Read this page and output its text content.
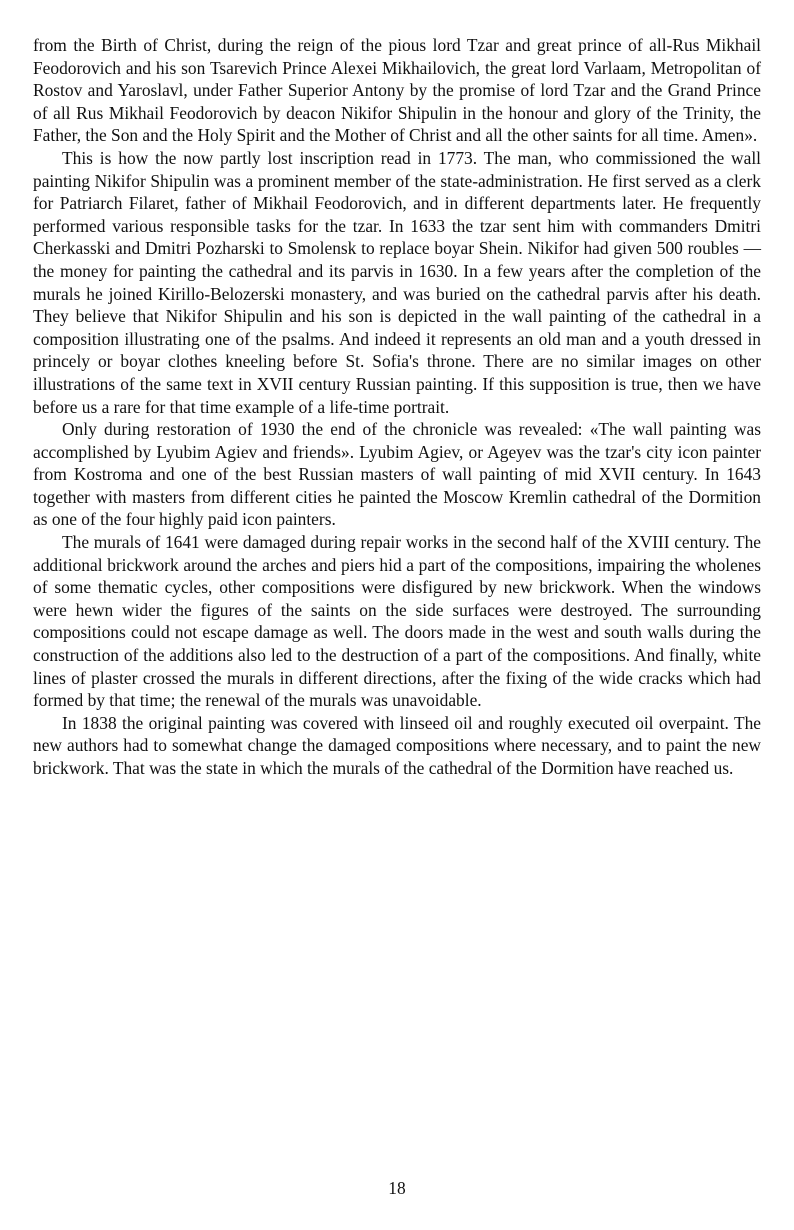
from the Birth of Christ, during the reign of the pious lord Tzar and great prince of all-Rus Mikhail Feodorovich and his son Tsarevich Prince Alexei Mikhailovich, the great lord Varlaam, Metropolitan of Rostov and Yaroslavl, under Father Superior Antony by the promise of lord Tzar and the Grand Prince of all Rus Mikhail Feodorovich by deacon Nikifor Shipulin in the honour and glory of the Trinity, the Father, the Son and the Holy Spirit and the Mother of Christ and all the other saints for all time. Amen».

This is how the now partly lost inscription read in 1773. The man, who commissioned the wall painting Nikifor Shipulin was a prominent member of the state-administration. He first served as a clerk for Patriarch Filaret, father of Mikhail Feodorovich, and in different departments later. He frequently performed various responsible tasks for the tzar. In 1633 the tzar sent him with commanders Dmitri Cherkasski and Dmitri Pozharski to Smolensk to replace boyar Shein. Nikifor had given 500 roubles — the money for painting the cathedral and its parvis in 1630. In a few years after the completion of the murals he joined Kirillo-Belozerski monastery, and was buried on the cathedral parvis after his death. They believe that Nikifor Shipulin and his son is depicted in the wall painting of the cathedral in a composition illustrating one of the psalms. And indeed it represents an old man and a youth dressed in princely or boyar clothes kneeling before St. Sofia's throne. There are no similar images on other illustrations of the same text in XVII century Russian painting. If this supposition is true, then we have before us a rare for that time example of a life-time portrait.

Only during restoration of 1930 the end of the chronicle was revealed: «The wall painting was accomplished by Lyubim Agiev and friends». Lyubim Agiev, or Ageyev was the tzar's city icon painter from Kostroma and one of the best Russian masters of wall painting of mid XVII century. In 1643 together with masters from different cities he painted the Moscow Kremlin cathedral of the Dormition as one of the four highly paid icon painters.

The murals of 1641 were damaged during repair works in the second half of the XVIII century. The additional brickwork around the arches and piers hid a part of the compositions, impairing the wholenes of some thematic cycles, other compositions were disfigured by new brickwork. When the windows were hewn wider the figures of the saints on the side surfaces were destroyed. The surrounding compositions could not escape damage as well. The doors made in the west and south walls during the construction of the additions also led to the destruction of a part of the compositions. And finally, white lines of plaster crossed the murals in different directions, after the fixing of the wide cracks which had formed by that time; the renewal of the murals was unavoidable.

In 1838 the original painting was covered with linseed oil and roughly executed oil overpaint. The new authors had to somewhat change the damaged compositions where necessary, and to paint the new brickwork. That was the state in which the murals of the cathedral of the Dormition have reached us.

18
